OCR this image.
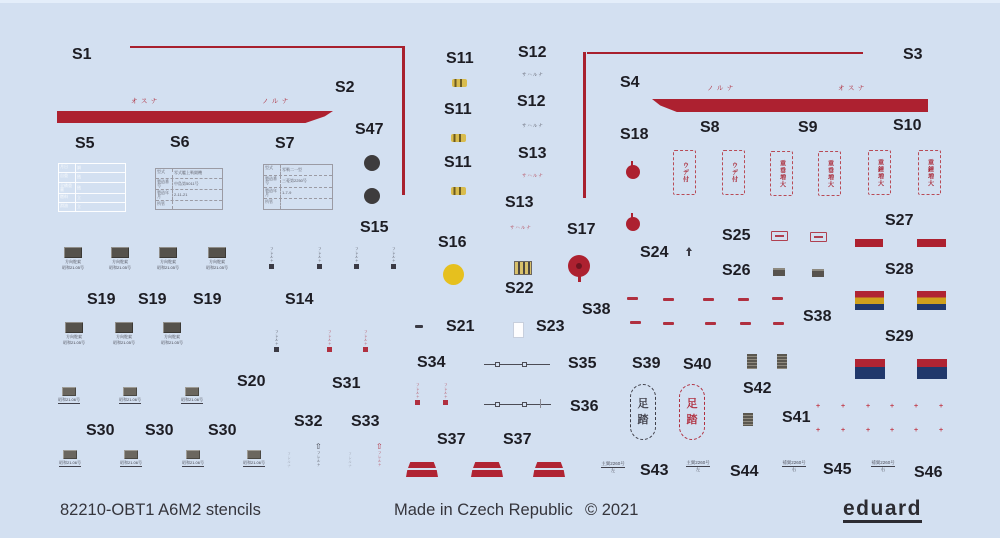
S1	S3
S2
オスナ	ノルナ
S4	ノルナ	オスナ
S5
月日	調
自重	瓲
全備重量	瓲
燃料	立
滑油	立
S6
型式	零式艦上戦闘機
製造番号	中島第5011号
製造年月	2-11-21
所管
S7
型式	零戦二一型
製造番号	三菱第2250号
製造年月	1-7-9
所管
S47
S15
S11
S11
S11
S12
サハルナ
S12
サハルナ
S13
サハルナ
S13
サハルナ
S18
S17
S8	S9	S10
ウデ付	ウデ付	重垂増大	重垂増大	重錘増大	重錘増大
S24
S25
S26
S38	S38
S27
S28
S29
方向舵索
昭和21.05号
方向舵索
昭和21.05号
方向舵索
昭和21.05号
方向舵索
昭和21.05号
S19 S19 S19
方向舵索
昭和21.05号
方向舵索
昭和21.05号
方向舵索
昭和21.05号
昭和21.06号	昭和21.06号	昭和21.06号
S30 S30 S30
昭和21.06号	昭和21.06号	昭和21.06号	昭和21.06号
フレルナ	フレルナ	フレルナ	フレルナ
S14
フレルナ
S20
フレルナ	フレルナ
S31
S32 S33
フレルナ
⇧
フレルナ	フレルナ
⇧
フレルナ
S16
S21
S22
S23
S34
フレルナ	フレルナ
S35
S36
S37 S37
S39 S40
足
踏
足
踏
S42
S41
+	+	+	+	+	+
+	+	+	+	+	+
主翼2260号
左	S43	主翼2260号
左	S44
補翼2260号
右	S45	補翼2260号
右	S46
82210-OBT1 A6M2 stencils	Made in Czech Republic © 2021	eduard
